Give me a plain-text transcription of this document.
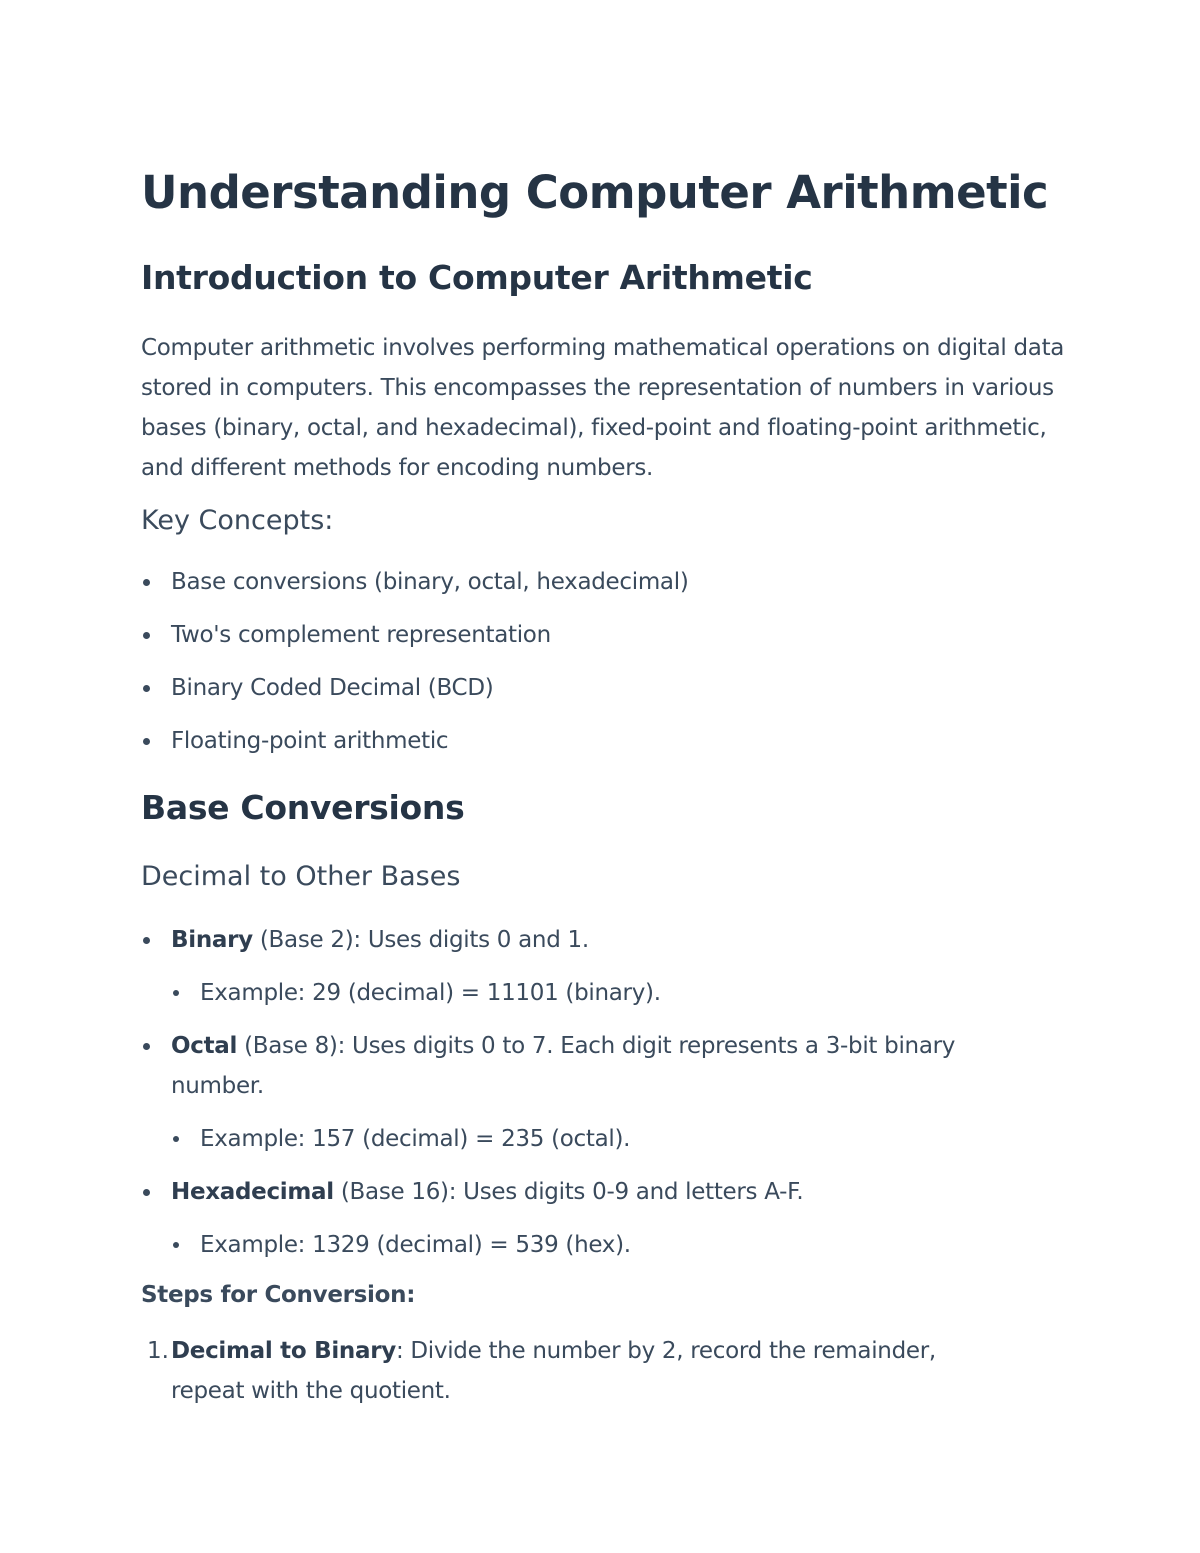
Understanding Computer Arithmetic
Introduction to Computer Arithmetic

Computer arithmetic involves performing mathematical operations on digital data stored in computers. This encompasses the representation of numbers in various bases (binary, octal, and hexadecimal), fixed-point and floating-point arithmetic, and different methods for encoding numbers.

Key Concepts:
Base conversions (binary, octal, hexadecimal)
Two's complement representation
Binary Coded Decimal (BCD)
Floating-point arithmetic
Base Conversions
Decimal to Other Bases
Binary (Base 2): Uses digits 0 and 1.
Example: 29 (decimal) = 11101 (binary).
Octal (Base 8): Uses digits 0 to 7. Each digit represents a 3-bit binary
number.
Example: 157 (decimal) = 235 (octal).
Hexadecimal (Base 16): Uses digits 0-9 and letters A-F.
Example: 1329 (decimal) = 539 (hex).

Steps for Conversion:

1. Decimal to Binary: Divide the number by 2, record the remainder,
repeat with the quotient.
